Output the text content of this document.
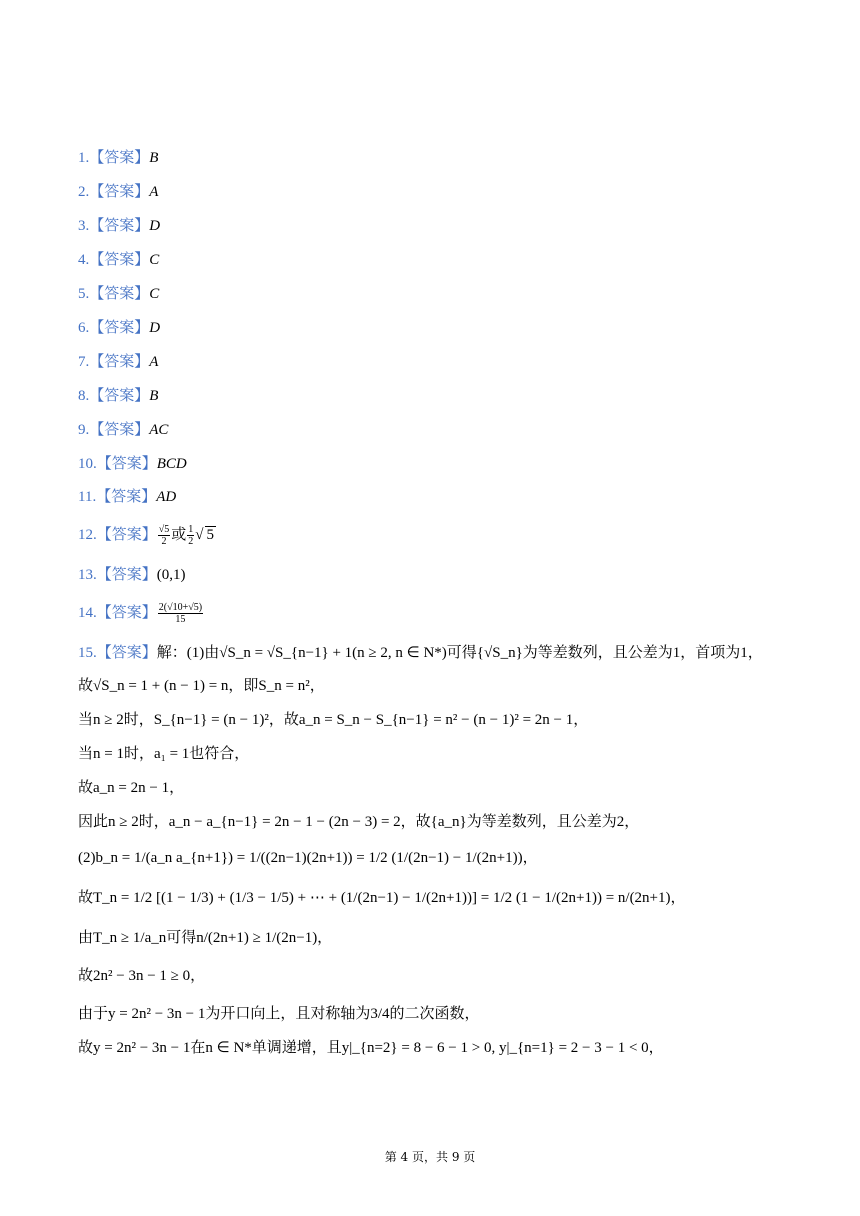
1.【答案】B
2.【答案】A
3.【答案】D
4.【答案】C
5.【答案】C
6.【答案】D
7.【答案】A
8.【答案】B
9.【答案】AC
10.【答案】BCD
11.【答案】AD
12.【答案】 $\frac{√5}{2}$ 或 $\frac{1}{2}$ √ 5
13.【答案】(0,1)
14.【答案】 $\frac{2(√10+√5)}{15}$
15.【答案】解：(1)由√S_n = √S_{n−1} + 1(n ≥ 2, n ∈ N*)可得{√S_n}为等差数列，且公差为1，首项为1，
故√S_n = 1 + (n − 1) = n，即S_n = n²，
当n ≥ 2时，S_{n−1} = (n − 1)²，故a_n = S_n − S_{n−1} = n² − (n − 1)² = 2n − 1，
当n = 1时，a₁ = 1也符合，
故a_n = 2n − 1，
因此n ≥ 2时，a_n − a_{n−1} = 2n − 1 − (2n − 3) = 2，故{a_n}为等差数列，且公差为2，
(2)b_n = 1/(a_n a_{n+1}) = 1/((2n−1)(2n+1)) = 1/2 (1/(2n−1) − 1/(2n+1))，
故T_n = 1/2 [(1 − 1/3) + (1/3 − 1/5) + ⋯ + (1/(2n−1) − 1/(2n+1))] = 1/2 (1 − 1/(2n+1)) = n/(2n+1)，
由T_n ≥ 1/a_n可得n/(2n+1) ≥ 1/(2n−1)，
故2n² − 3n − 1 ≥ 0，
由于y = 2n² − 3n − 1为开口向上，且对称轴为3/4的二次函数，
故y = 2n² − 3n − 1在n ∈ N*单调递增，且y|_{n=2} = 8 − 6 − 1 > 0, y|_{n=1} = 2 − 3 − 1 < 0，
第 4 页，共 9 页
